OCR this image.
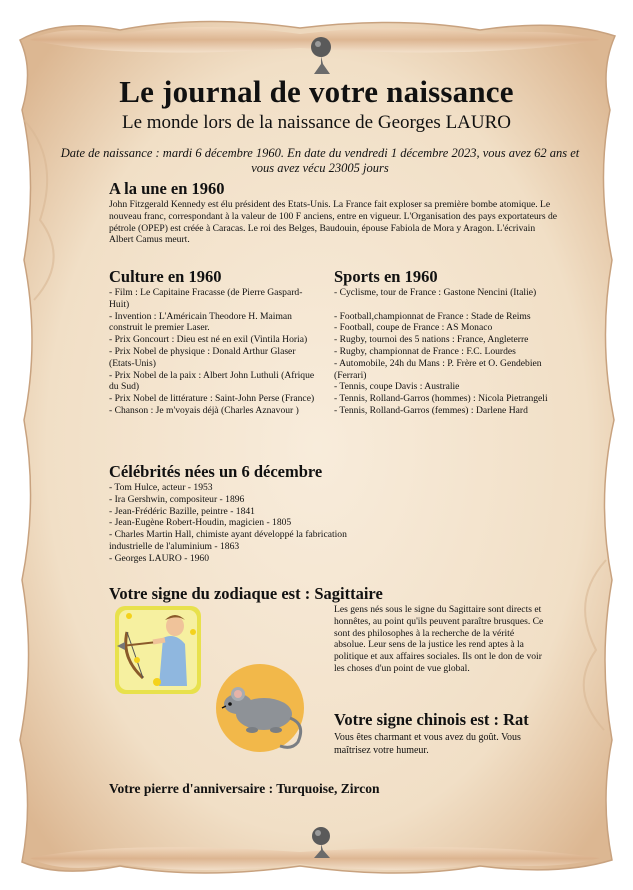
Le journal de votre naissance
Le monde lors de la naissance de Georges LAURO
Date de naissance : mardi 6 décembre 1960. En date du vendredi 1 décembre 2023, vous avez 62 ans et vous avez vécu 23005 jours
A la une en 1960
John Fitzgerald Kennedy est élu président des Etats-Unis. La France fait exploser sa première bombe atomique. Le nouveau franc, correspondant à la valeur de 100 F anciens, entre en vigueur. L'Organisation des pays exportateurs de pétrole (OPEP) est créée à Caracas. Le roi des Belges, Baudouin, épouse Fabiola de Mora y Aragon. L'écrivain Albert Camus meurt.
Culture en 1960
- Film : Le Capitaine Fracasse (de Pierre Gaspard-Huit)
- Invention : L'Américain Theodore H. Maiman construit le premier Laser.
- Prix Goncourt : Dieu est né en exil (Vintila Horia)
- Prix Nobel de physique : Donald Arthur Glaser (Etats-Unis)
- Prix Nobel de la paix : Albert John Luthuli (Afrique du Sud)
- Prix Nobel de littérature : Saint-John Perse (France)
- Chanson : Je m'voyais déjà (Charles Aznavour )
Sports en 1960
- Cyclisme, tour de France : Gastone Nencini (Italie)
- Football,championnat de France : Stade de Reims
- Football, coupe de France : AS Monaco
- Rugby, tournoi des 5 nations : France, Angleterre
- Rugby, championnat de France : F.C. Lourdes
- Automobile, 24h du Mans : P. Frère et O. Gendebien (Ferrari)
- Tennis, coupe Davis : Australie
- Tennis, Rolland-Garros (hommes) : Nicola Pietrangeli
- Tennis, Rolland-Garros (femmes) : Darlene Hard
Célébrités nées un 6 décembre
- Tom Hulce, acteur - 1953
- Ira Gershwin, compositeur - 1896
- Jean-Frédéric Bazille, peintre - 1841
- Jean-Eugène Robert-Houdin, magicien - 1805
- Charles Martin Hall, chimiste ayant développé la fabrication industrielle de l'aluminium - 1863
- Georges LAURO - 1960
Votre signe du zodiaque est : Sagittaire
Les gens nés sous le signe du Sagittaire sont directs et honnêtes, au point qu'ils peuvent paraître brusques. Ce sont des philosophes à la recherche de la vérité absolue. Leur sens de la justice les rend aptes à la politique et aux affaires sociales. Ils ont le don de voir les choses d'un point de vue global.
Votre signe chinois est : Rat
Vous êtes charmant et vous avez du goût. Vous maîtrisez votre humeur.
Votre pierre d'anniversaire : Turquoise, Zircon
